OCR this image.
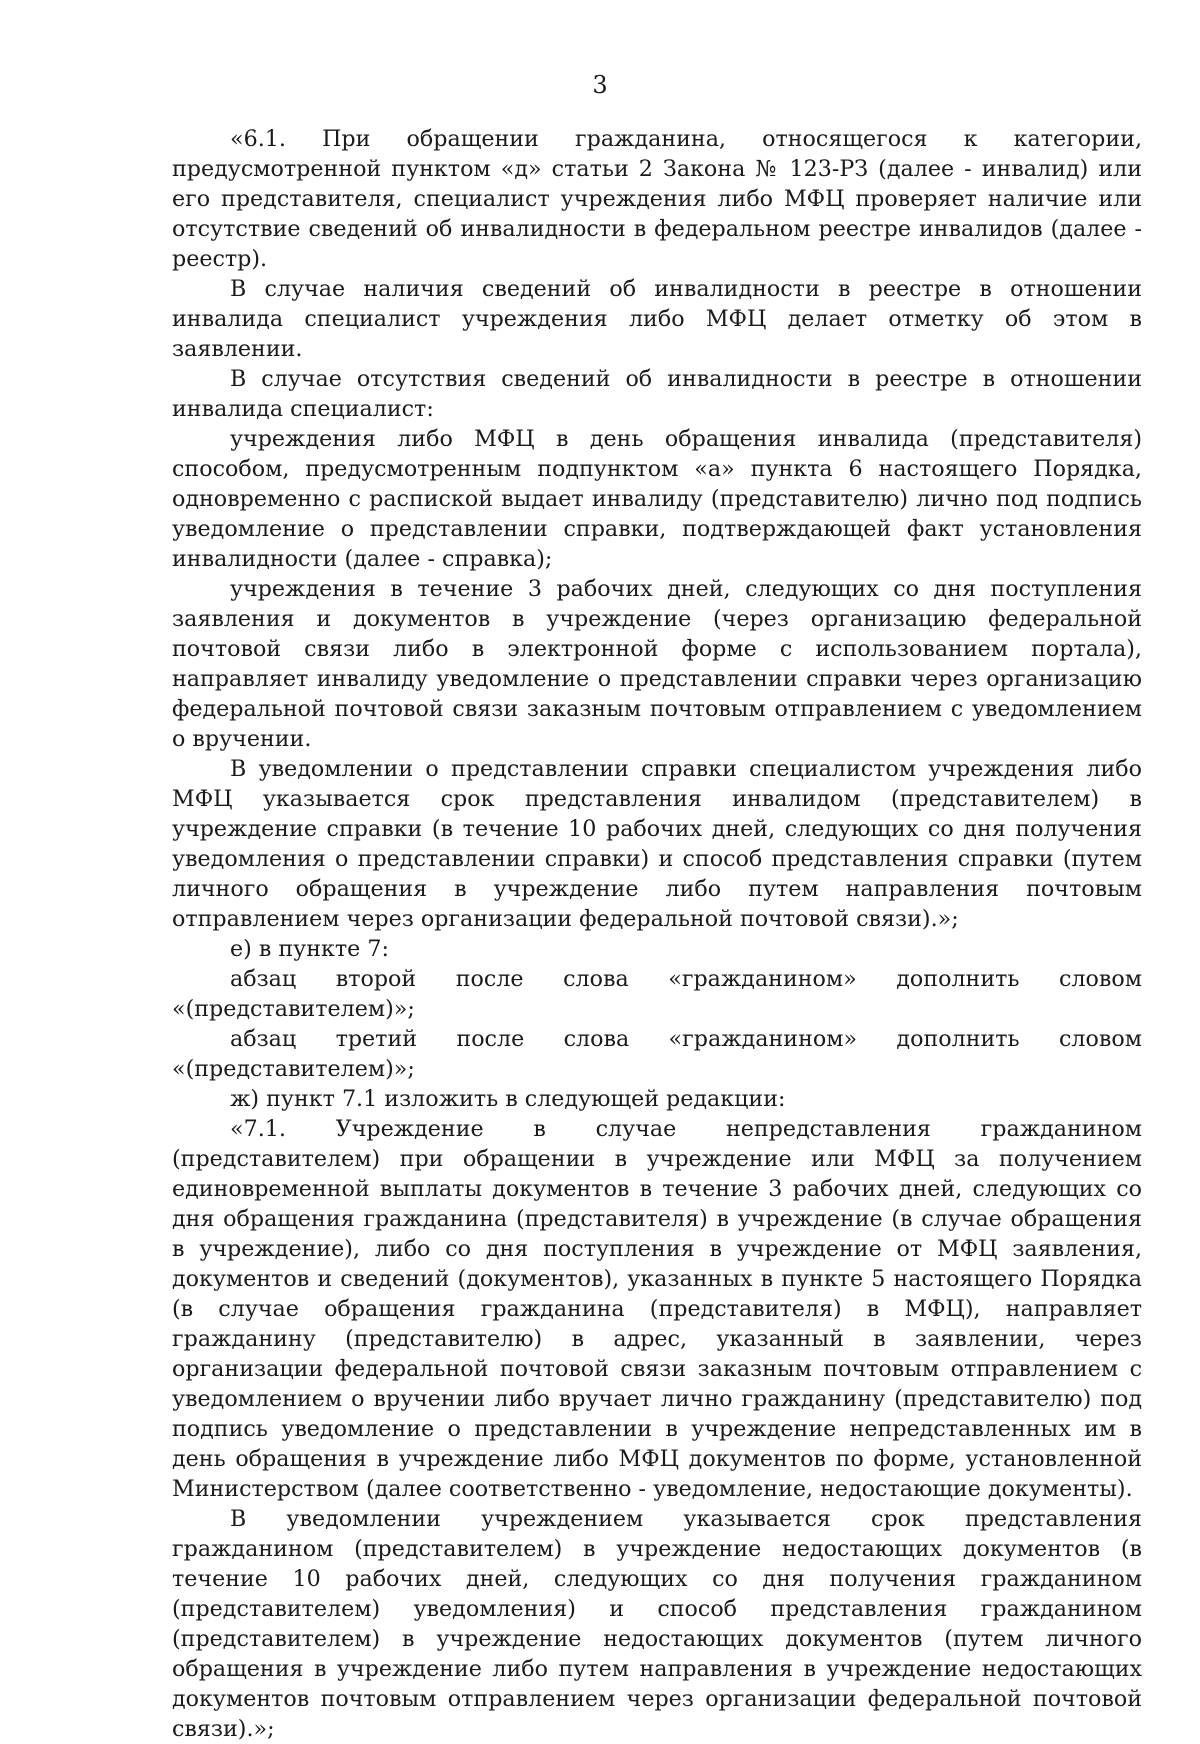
3

«6.1. При обращении гражданина, относящегося к категории, предусмотренной пунктом «д» статьи 2 Закона № 123-РЗ (далее - инвалид) или его представителя, специалист учреждения либо МФЦ проверяет наличие или отсутствие сведений об инвалидности в федеральном реестре инвалидов (далее - реестр).

В случае наличия сведений об инвалидности в реестре в отношении инвалида специалист учреждения либо МФЦ делает отметку об этом в заявлении.

В случае отсутствия сведений об инвалидности в реестре в отношении инвалида специалист:

учреждения либо МФЦ в день обращения инвалида (представителя) способом, предусмотренным подпунктом «а» пункта 6 настоящего Порядка, одновременно с распиской выдает инвалиду (представителю) лично под подпись уведомление о представлении справки, подтверждающей факт установления инвалидности (далее - справка);

учреждения в течение 3 рабочих дней, следующих со дня поступления заявления и документов в учреждение (через организацию федеральной почтовой связи либо в электронной форме с использованием портала), направляет инвалиду уведомление о представлении справки через организацию федеральной почтовой связи заказным почтовым отправлением с уведомлением о вручении.

В уведомлении о представлении справки специалистом учреждения либо МФЦ указывается срок представления инвалидом (представителем) в учреждение справки (в течение 10 рабочих дней, следующих со дня получения уведомления о представлении справки) и способ представления справки (путем личного обращения в учреждение либо путем направления почтовым отправлением через организации федеральной почтовой связи).»;

е) в пункте 7:

абзац второй после слова «гражданином» дополнить словом «(представителем)»;

абзац третий после слова «гражданином» дополнить словом «(представителем)»;

ж) пункт 7.1 изложить в следующей редакции:

«7.1. Учреждение в случае непредставления гражданином (представителем) при обращении в учреждение или МФЦ за получением единовременной выплаты документов в течение 3 рабочих дней, следующих со дня обращения гражданина (представителя) в учреждение (в случае обращения в учреждение), либо со дня поступления в учреждение от МФЦ заявления, документов и сведений (документов), указанных в пункте 5 настоящего Порядка (в случае обращения гражданина (представителя) в МФЦ), направляет гражданину (представителю) в адрес, указанный в заявлении, через организации федеральной почтовой связи заказным почтовым отправлением с уведомлением о вручении либо вручает лично гражданину (представителю) под подпись уведомление о представлении в учреждение непредставленных им в день обращения в учреждение либо МФЦ документов по форме, установленной Министерством (далее соответственно - уведомление, недостающие документы).

В уведомлении учреждением указывается срок представления гражданином (представителем) в учреждение недостающих документов (в течение 10 рабочих дней, следующих со дня получения гражданином (представителем) уведомления) и способ представления гражданином (представителем) в учреждение недостающих документов (путем личного обращения в учреждение либо путем направления в учреждение недостающих документов почтовым отправлением через организации федеральной почтовой связи).»;
